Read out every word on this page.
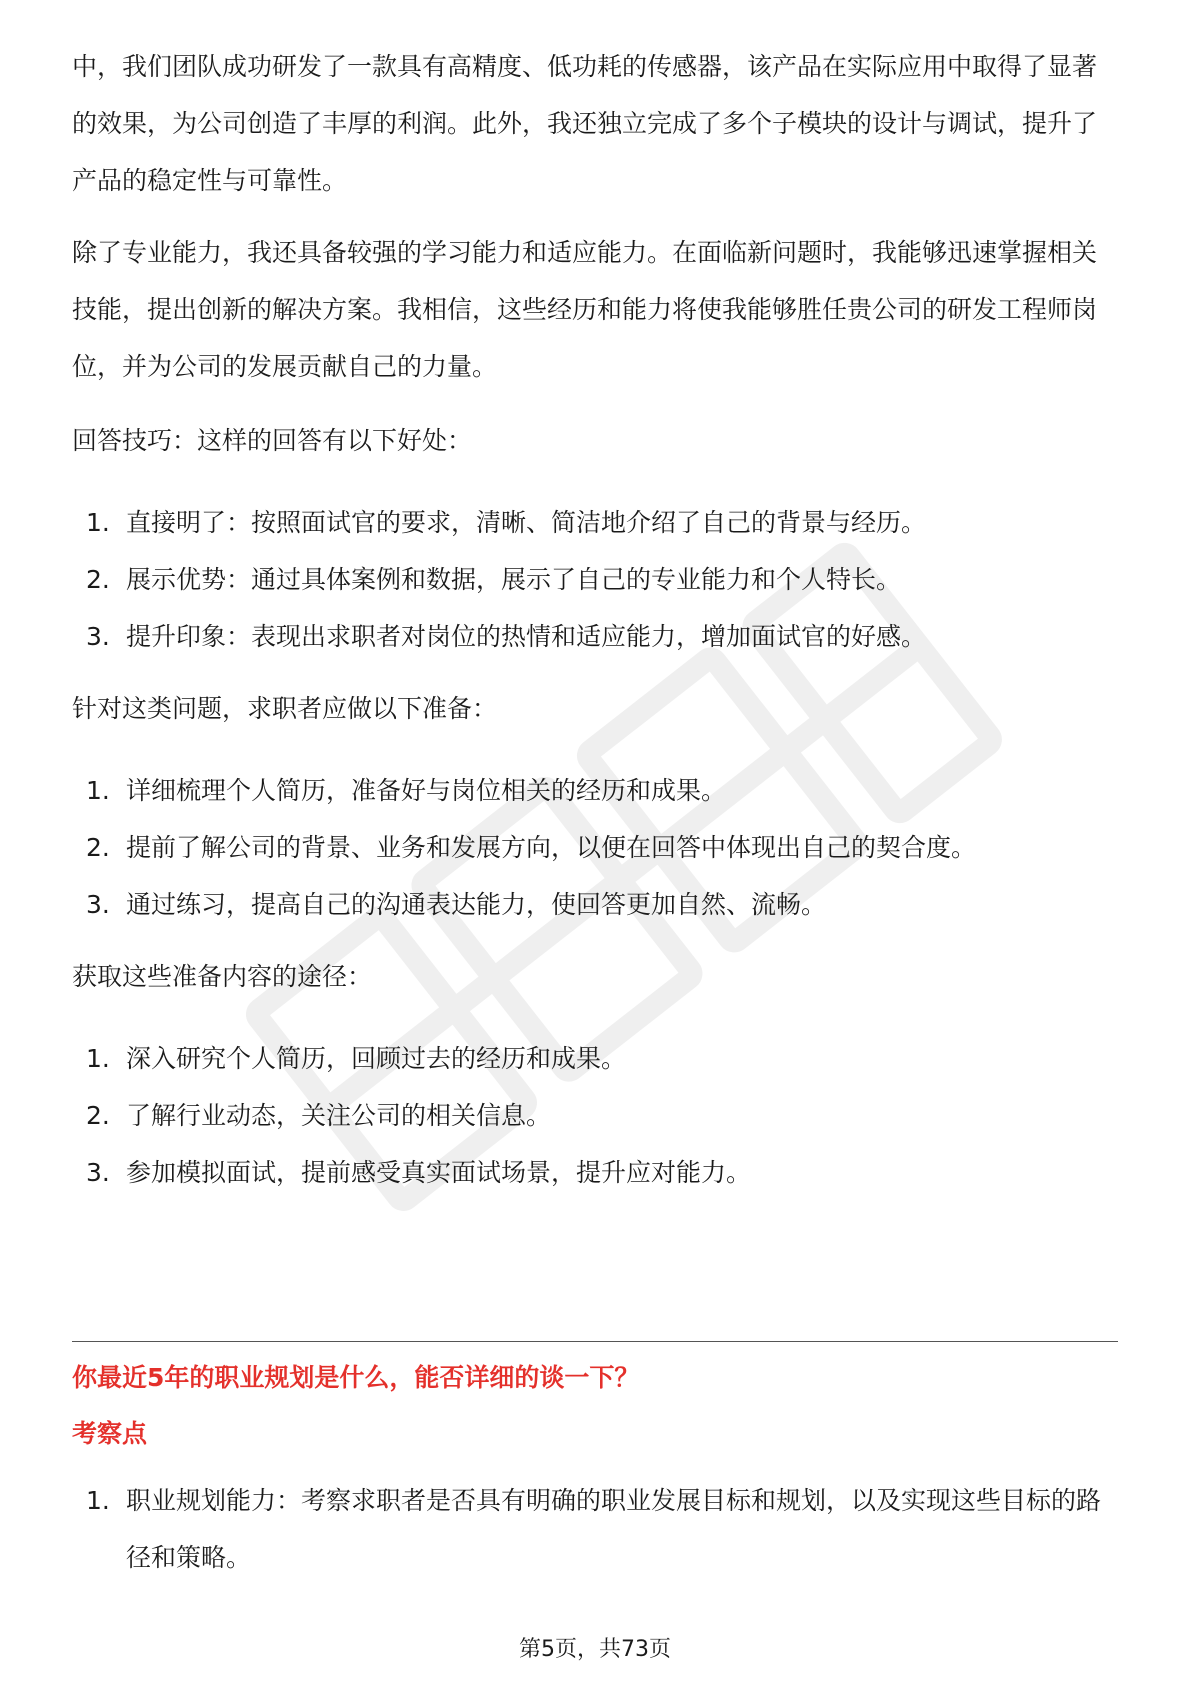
中，我们团队成功研发了一款具有高精度、低功耗的传感器，该产品在实际应用中取得了显著的效果，为公司创造了丰厚的利润。此外，我还独立完成了多个子模块的设计与调试，提升了产品的稳定性与可靠性。

除了专业能力，我还具备较强的学习能力和适应能力。在面临新问题时，我能够迅速掌握相关技能，提出创新的解决方案。我相信，这些经历和能力将使我能够胜任贵公司的研发工程师岗位，并为公司的发展贡献自己的力量。

回答技巧：这样的回答有以下好处：

1. 直接明了：按照面试官的要求，清晰、简洁地介绍了自己的背景与经历。
2. 展示优势：通过具体案例和数据，展示了自己的专业能力和个人特长。
3. 提升印象：表现出求职者对岗位的热情和适应能力，增加面试官的好感。

针对这类问题，求职者应做以下准备：

1. 详细梳理个人简历，准备好与岗位相关的经历和成果。
2. 提前了解公司的背景、业务和发展方向，以便在回答中体现出自己的契合度。
3. 通过练习，提高自己的沟通表达能力，使回答更加自然、流畅。

获取这些准备内容的途径：

1. 深入研究个人简历，回顾过去的经历和成果。
2. 了解行业动态，关注公司的相关信息。
3. 参加模拟面试，提前感受真实面试场景，提升应对能力。

你最近5年的职业规划是什么，能否详细的谈一下？

考察点

1. 职业规划能力：考察求职者是否具有明确的职业发展目标和规划，以及实现这些目标的路径和策略。
第5页，共73页
